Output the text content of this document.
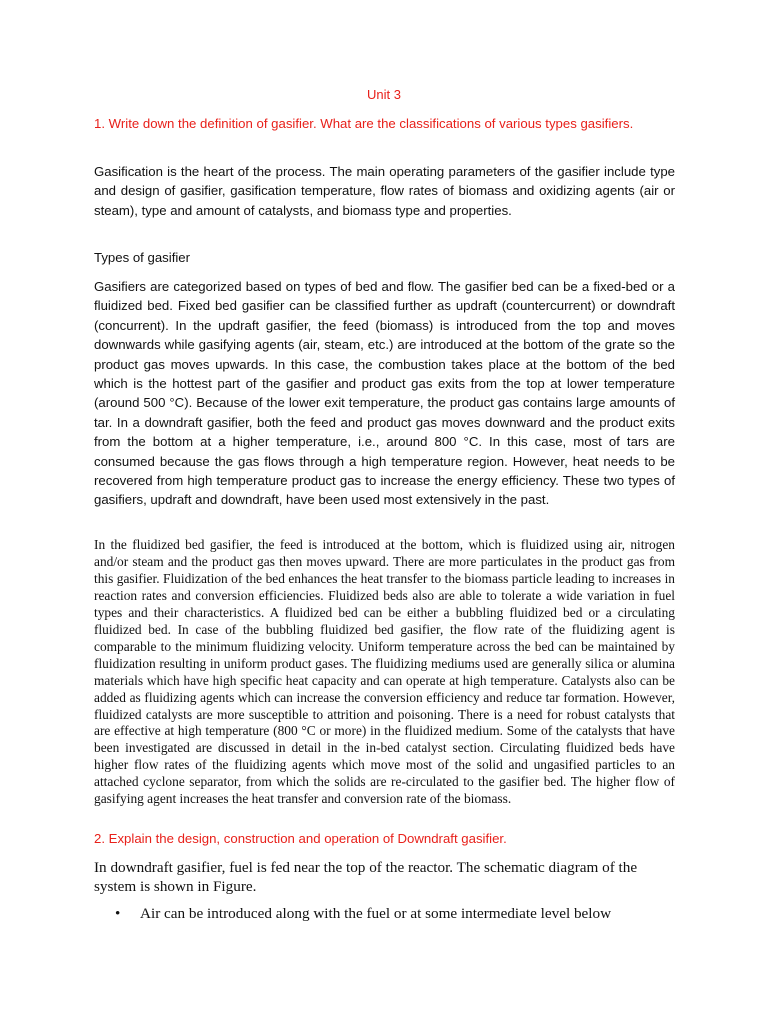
Unit 3

1. Write down the definition of gasifier. What are the classifications of various types gasifiers.

Gasification is the heart of the process. The main operating parameters of the gasifier include type and design of gasifier, gasification temperature, flow rates of biomass and oxidizing agents (air or steam), type and amount of catalysts, and biomass type and properties.

Types of gasifier

Gasifiers are categorized based on types of bed and flow. The gasifier bed can be a fixed-bed or a fluidized bed. Fixed bed gasifier can be classified further as updraft (countercurrent) or downdraft (concurrent). In the updraft gasifier, the feed (biomass) is introduced from the top and moves downwards while gasifying agents (air, steam, etc.) are introduced at the bottom of the grate so the product gas moves upwards. In this case, the combustion takes place at the bottom of the bed which is the hottest part of the gasifier and product gas exits from the top at lower temperature (around 500 °C). Because of the lower exit temperature, the product gas contains large amounts of tar. In a downdraft gasifier, both the feed and product gas moves downward and the product exits from the bottom at a higher temperature, i.e., around 800 °C. In this case, most of tars are consumed because the gas flows through a high temperature region. However, heat needs to be recovered from high temperature product gas to increase the energy efficiency. These two types of gasifiers, updraft and downdraft, have been used most extensively in the past.

In the fluidized bed gasifier, the feed is introduced at the bottom, which is fluidized using air, nitrogen and/or steam and the product gas then moves upward. There are more particulates in the product gas from this gasifier. Fluidization of the bed enhances the heat transfer to the biomass particle leading to increases in reaction rates and conversion efficiencies. Fluidized beds also are able to tolerate a wide variation in fuel types and their characteristics. A fluidized bed can be either a bubbling fluidized bed or a circulating fluidized bed. In case of the bubbling fluidized bed gasifier, the flow rate of the fluidizing agent is comparable to the minimum fluidizing velocity. Uniform temperature across the bed can be maintained by fluidization resulting in uniform product gases. The fluidizing mediums used are generally silica or alumina materials which have high specific heat capacity and can operate at high temperature. Catalysts also can be added as fluidizing agents which can increase the conversion efficiency and reduce tar formation. However, fluidized catalysts are more susceptible to attrition and poisoning. There is a need for robust catalysts that are effective at high temperature (800 °C or more) in the fluidized medium. Some of the catalysts that have been investigated are discussed in detail in the in-bed catalyst section. Circulating fluidized beds have higher flow rates of the fluidizing agents which move most of the solid and ungasified particles to an attached cyclone separator, from which the solids are re-circulated to the gasifier bed. The higher flow of gasifying agent increases the heat transfer and conversion rate of the biomass.

2. Explain the design, construction and operation of Downdraft gasifier.

In downdraft gasifier, fuel is fed near the top of the reactor. The schematic diagram of the system is shown in Figure.

• Air can be introduced along with the fuel or at some intermediate level below
